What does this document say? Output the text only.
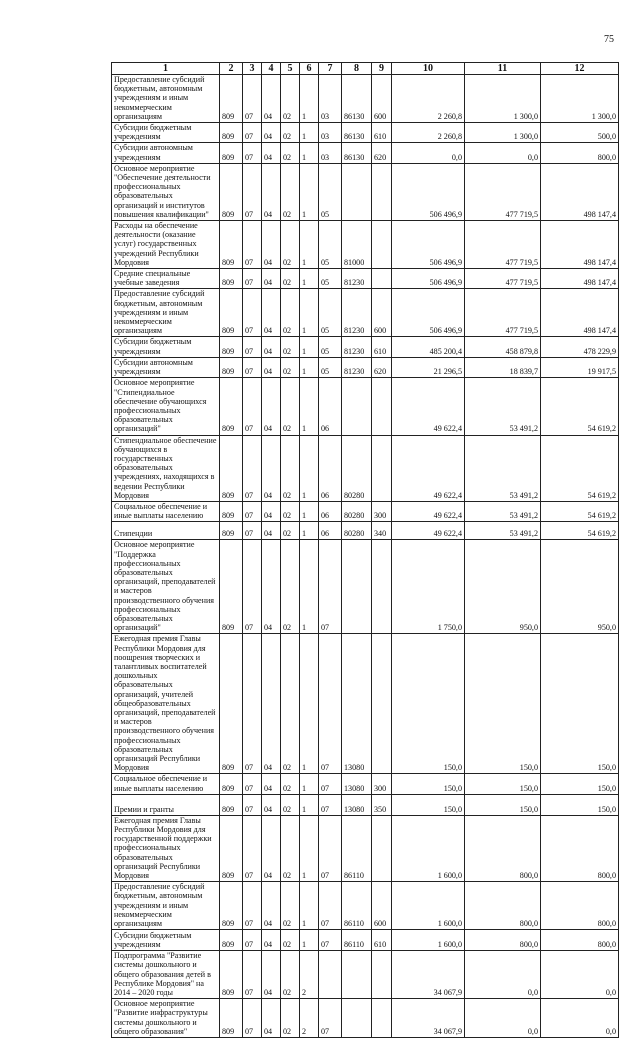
75
1	2	3	4	5	6	7	8	9	10	11	12
Предоставление субсидий бюджетным, автономным учреждениям и иным некоммерческим организациям	809	07	04	02	1	03	86130	600	2 260,8	1 300,0	1 300,0
Субсидии бюджетным учреждениям	809	07	04	02	1	03	86130	610	2 260,8	1 300,0	500,0
Субсидии автономным учреждениям	809	07	04	02	1	03	86130	620	0,0	0,0	800,0
Основное мероприятие "Обеспечение деятельности профессиональных образовательных организаций и институтов повышения квалификации"	809	07	04	02	1	05			506 496,9	477 719,5	498 147,4
Расходы на обеспечение деятельности (оказание услуг) государственных учреждений Республики Мордовия	809	07	04	02	1	05	81000		506 496,9	477 719,5	498 147,4
Средние специальные учебные заведения	809	07	04	02	1	05	81230		506 496,9	477 719,5	498 147,4
Предоставление субсидий бюджетным, автономным учреждениям и иным некоммерческим организациям	809	07	04	02	1	05	81230	600	506 496,9	477 719,5	498 147,4
Субсидии бюджетным учреждениям	809	07	04	02	1	05	81230	610	485 200,4	458 879,8	478 229,9
Субсидии автономным учреждениям	809	07	04	02	1	05	81230	620	21 296,5	18 839,7	19 917,5
Основное мероприятие "Стипендиальное обеспечение обучающихся профессиональных образовательных организаций"	809	07	04	02	1	06			49 622,4	53 491,2	54 619,2
Стипендиальное обеспечение обучающихся в государственных образовательных учреждениях, находящихся в ведении Республики Мордовия	809	07	04	02	1	06	80280		49 622,4	53 491,2	54 619,2
Социальное обеспечение и иные выплаты населению	809	07	04	02	1	06	80280	300	49 622,4	53 491,2	54 619,2
Стипендии	809	07	04	02	1	06	80280	340	49 622,4	53 491,2	54 619,2
Основное мероприятие "Поддержка профессиональных образовательных организаций, преподавателей и мастеров производственного обучения профессиональных образовательных организаций"	809	07	04	02	1	07			1 750,0	950,0	950,0
Ежегодная премия Главы Республики Мордовия для поощрения творческих и талантливых воспитателей дошкольных образовательных организаций, учителей общеобразовательных организаций, преподавателей и мастеров производственного обучения профессиональных образовательных организаций Республики Мордовия	809	07	04	02	1	07	13080		150,0	150,0	150,0
Социальное обеспечение и иные выплаты населению	809	07	04	02	1	07	13080	300	150,0	150,0	150,0
Премии и гранты	809	07	04	02	1	07	13080	350	150,0	150,0	150,0
Ежегодная премия Главы Республики Мордовия для государственной поддержки профессиональных образовательных организаций Республики Мордовия	809	07	04	02	1	07	86110		1 600,0	800,0	800,0
Предоставление субсидий бюджетным, автономным учреждениям и иным некоммерческим организациям	809	07	04	02	1	07	86110	600	1 600,0	800,0	800,0
Субсидии бюджетным учреждениям	809	07	04	02	1	07	86110	610	1 600,0	800,0	800,0
Подпрограмма "Развитие системы дошкольного и общего образования детей в Республике Мордовия" на 2014 – 2020 годы	809	07	04	02	2				34 067,9	0,0	0,0
Основное мероприятие "Развитие инфраструктуры системы дошкольного и общего образования"	809	07	04	02	2	07			34 067,9	0,0	0,0
